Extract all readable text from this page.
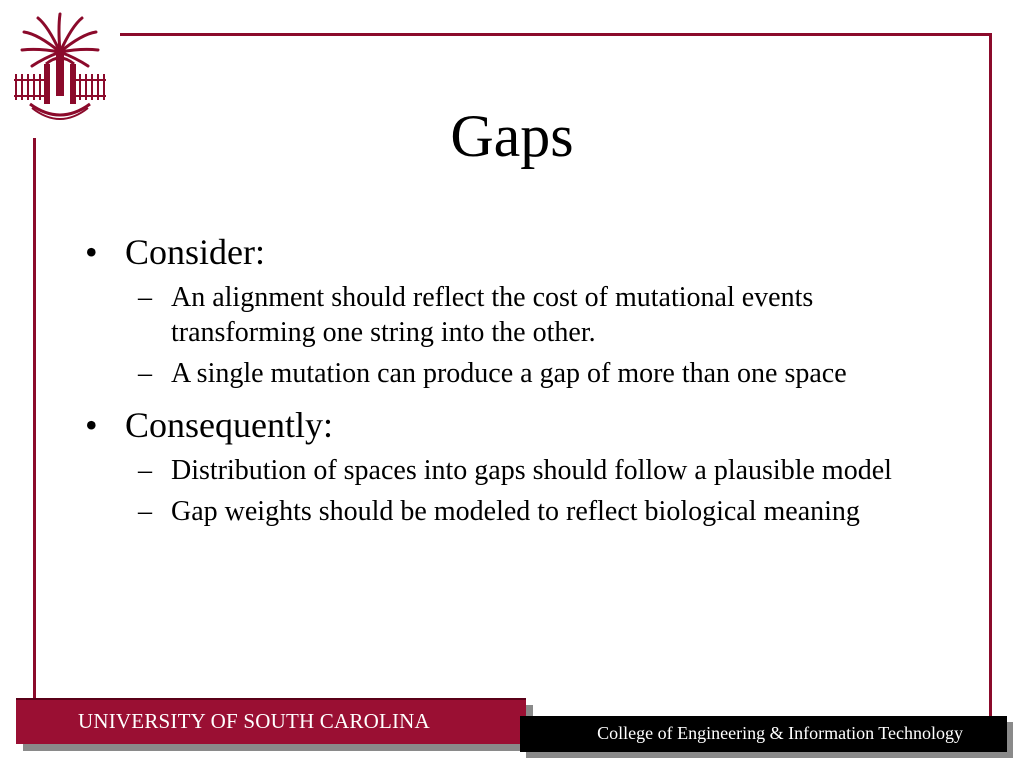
Gaps
• Consider:
– An alignment should reflect the cost of mutational events transforming one string into the other.
– A single mutation can produce a gap of more than one space
• Consequently:
– Distribution of spaces into gaps should follow a plausible model
– Gap weights should be modeled to reflect biological meaning
UNIVERSITY OF SOUTH CAROLINA	College of Engineering & Information Technology
